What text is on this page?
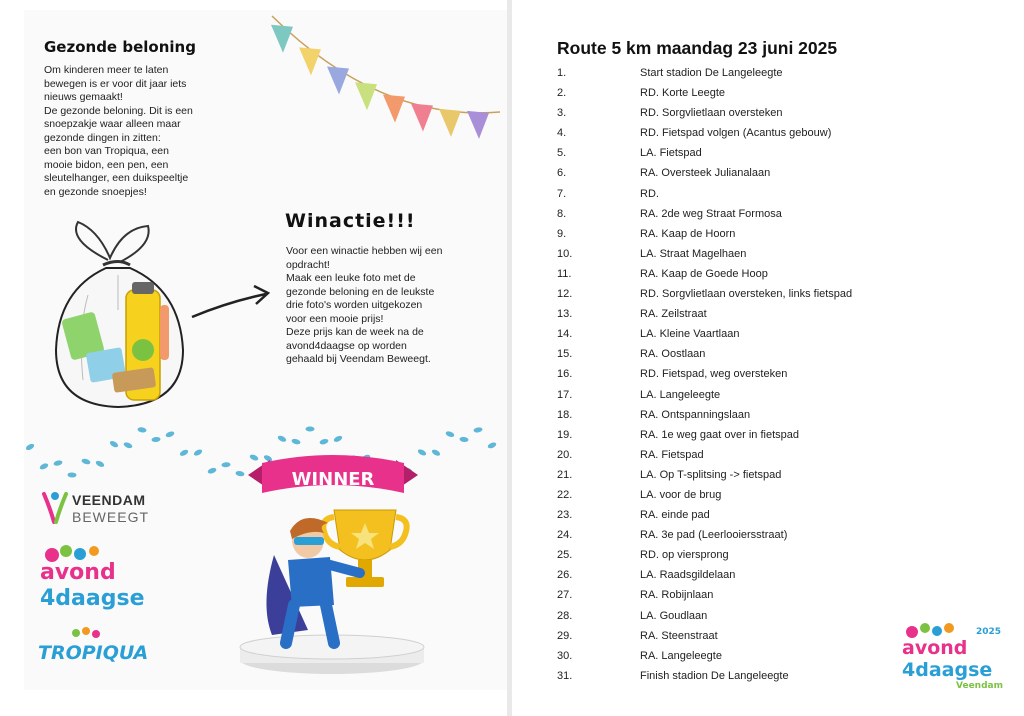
Gezonde beloning
Om kinderen meer te laten
bewegen is er voor dit jaar iets
nieuws gemaakt!
De gezonde beloning. Dit is een
snoepzakje waar alleen maar
gezonde dingen in zitten:
een bon van Tropiqua, een
mooie bidon, een pen, een
sleutelhanger, een duikspeeltje
en gezonde snoepjes!
Winactie!!!
Voor een winactie hebben wij een
opdracht!
Maak een leuke foto met de
gezonde beloning en de leukste
drie foto's worden uitgekozen
voor een mooie prijs!
Deze prijs kan de week na de
avond4daagse op worden
gehaald bij Veendam Beweegt.
WINNER
VEENDAM
BEWEEGT
avond
4daagse
TROPIQUA
Route 5 km maandag 23 juni 2025
1.	Start stadion De Langeleegte
2.	RD. Korte Leegte
3.	RD. Sorgvlietlaan oversteken
4.	RD. Fietspad volgen (Acantus gebouw)
5.	LA. Fietspad
6.	RA. Oversteek Julianalaan
7.	RD.
8.	RA. 2de weg Straat Formosa
9.	RA. Kaap de Hoorn
10.	LA. Straat Magelhaen
11.	RA. Kaap de Goede Hoop
12.	RD. Sorgvlietlaan oversteken, links fietspad
13.	RA. Zeilstraat
14.	LA. Kleine Vaartlaan
15.	RA. Oostlaan
16.	RD. Fietspad, weg oversteken
17.	LA. Langeleegte
18.	RA. Ontspanningslaan
19.	RA. 1e weg gaat over in fietspad
20.	RA. Fietspad
21.	LA. Op T-splitsing -> fietspad
22.	LA. voor de brug
23.	RA. einde pad
24.	RA. 3e pad (Leerlooiersstraat)
25.	RD. op viersprong
26.	LA. Raadsgildelaan
27.	RA. Robijnlaan
28.	LA. Goudlaan
29.	RA. Steenstraat
30.	RA. Langeleegte
31.	Finish stadion De Langeleegte
2025
avond
4daagse
Veendam
